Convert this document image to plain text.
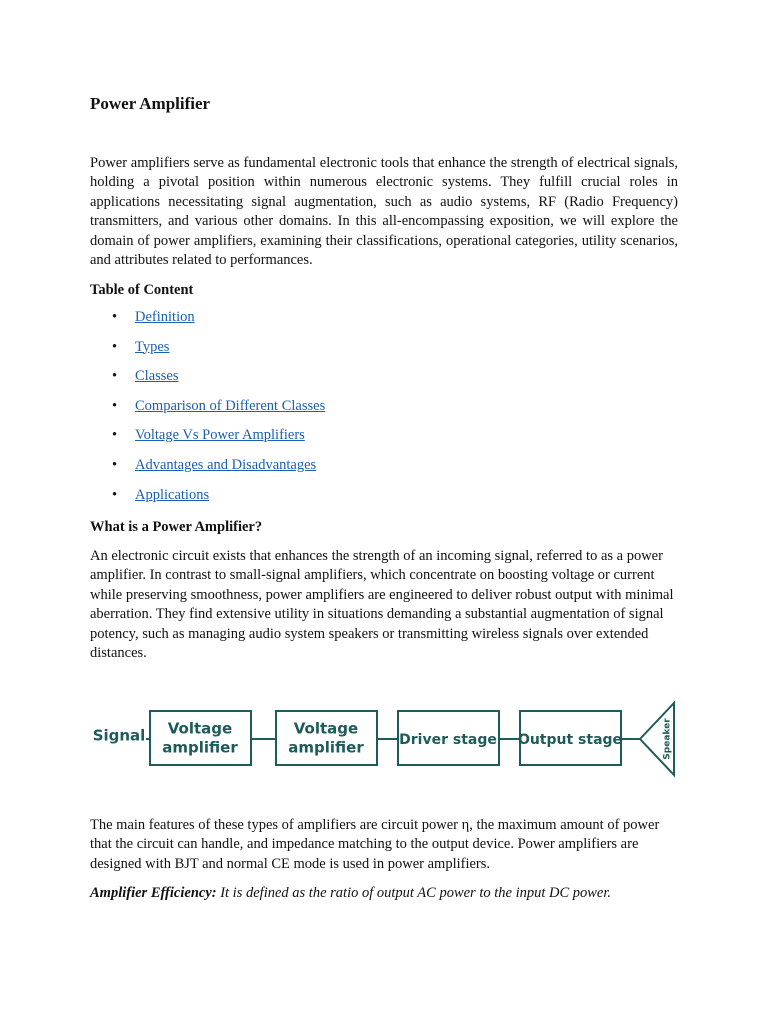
Power Amplifier

Power amplifiers serve as fundamental electronic tools that enhance the strength of electrical signals, holding a pivotal position within numerous electronic systems. They fulfill crucial roles in applications necessitating signal augmentation, such as audio systems, RF (Radio Frequency) transmitters, and various other domains. In this all-encompassing exposition, we will explore the domain of power amplifiers, examining their classifications, operational categories, utility scenarios, and attributes related to performances.

Table of Content

• Definition
• Types
• Classes
• Comparison of Different Classes
• Voltage Vs Power Amplifiers
• Advantages and Disadvantages
• Applications

What is a Power Amplifier?

An electronic circuit exists that enhances the strength of an incoming signal, referred to as a power amplifier. In contrast to small-signal amplifiers, which concentrate on boosting voltage or current while preserving smoothness, power amplifiers are engineered to deliver robust output with minimal aberration. They find extensive utility in situations demanding a substantial augmentation of signal potency, such as managing audio system speakers or transmitting wireless signals over extended distances.

The main features of these types of amplifiers are circuit power η, the maximum amount of power that the circuit can handle, and impedance matching to the output device. Power amplifiers are designed with BJT and normal CE mode is used in power amplifiers.

Amplifier Efficiency: It is defined as the ratio of output AC power to the input DC power.

Signal Voltage
amplifier
Voltage
amplifier	Driver stage Output stage	Speaker
